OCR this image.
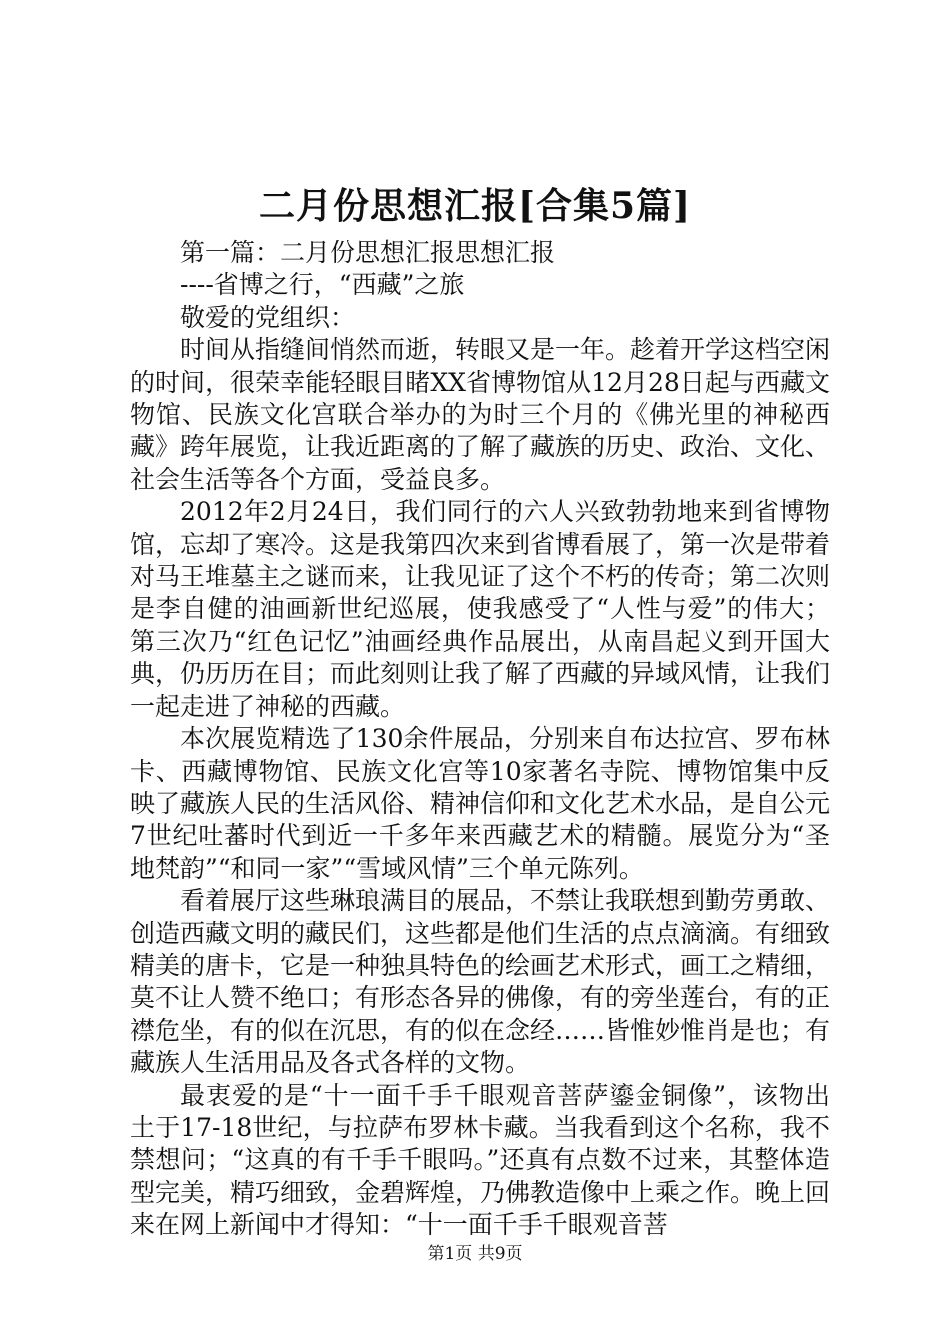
二月份思想汇报[合集5篇]

第一篇：二月份思想汇报思想汇报

----省博之行，“西藏”之旅

敬爱的党组织：

时间从指缝间悄然而逝，转眼又是一年。趁着开学这档空闲的时间，很荣幸能轻眼目睹XX省博物馆从12月28日起与西藏文物馆、民族文化宫联合举办的为时三个月的《佛光里的神秘西藏》跨年展览，让我近距离的了解了藏族的历史、政治、文化、社会生活等各个方面，受益良多。

2012年2月24日，我们同行的六人兴致勃勃地来到省博物馆，忘却了寒冷。这是我第四次来到省博看展了，第一次是带着对马王堆墓主之谜而来，让我见证了这个不朽的传奇；第二次则是李自健的油画新世纪巡展，使我感受了“人性与爱”的伟大；第三次乃“红色记忆”油画经典作品展出，从南昌起义到开国大典，仍历历在目；而此刻则让我了解了西藏的异域风情，让我们一起走进了神秘的西藏。

本次展览精选了130余件展品，分别来自布达拉宫、罗布林卡、西藏博物馆、民族文化宫等10家著名寺院、博物馆集中反映了藏族人民的生活风俗、精神信仰和文化艺术水品，是自公元7世纪吐蕃时代到近一千多年来西藏艺术的精髓。展览分为“圣地梵韵”“和同一家”“雪域风情”三个单元陈列。

看着展厅这些琳琅满目的展品，不禁让我联想到勤劳勇敢、创造西藏文明的藏民们，这些都是他们生活的点点滴滴。有细致精美的唐卡，它是一种独具特色的绘画艺术形式，画工之精细，莫不让人赞不绝口；有形态各异的佛像，有的旁坐莲台，有的正襟危坐，有的似在沉思，有的似在念经……皆惟妙惟肖是也；有藏族人生活用品及各式各样的文物。

最衷爱的是“十一面千手千眼观音菩萨鎏金铜像”，该物出土于17-18世纪，与拉萨布罗林卡藏。当我看到这个名称，我不禁想问；“这真的有千手千眼吗。”还真有点数不过来，其整体造型完美，精巧细致，金碧辉煌，乃佛教造像中上乘之作。晚上回来在网上新闻中才得知：“十一面千手千眼观音菩

第1页 共9页
